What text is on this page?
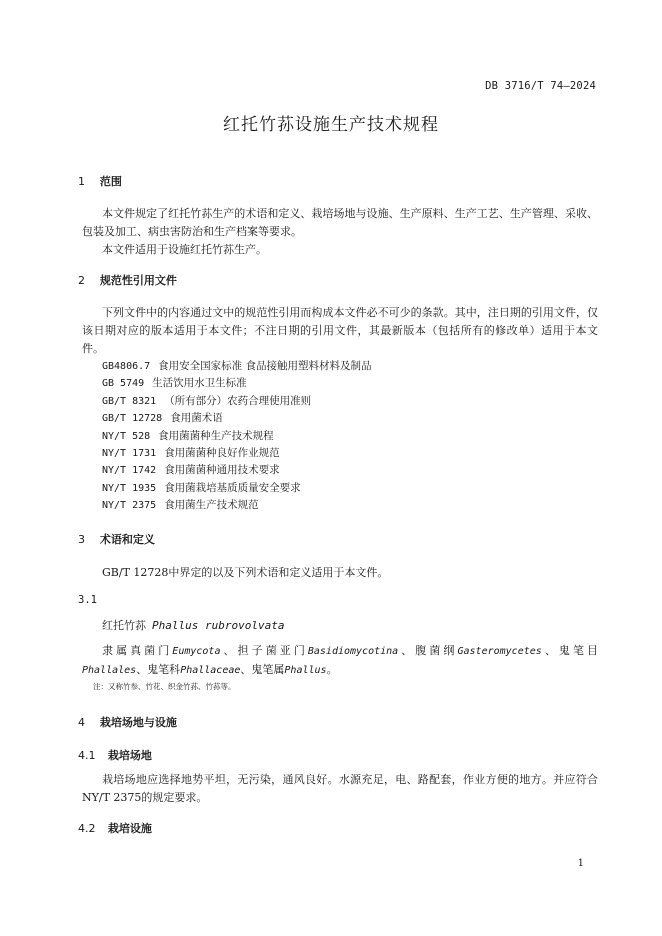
DB 3716/T 74—2024
红托竹荪设施生产技术规程
1 范围
本文件规定了红托竹荪生产的术语和定义、栽培场地与设施、生产原料、生产工艺、生产管理、采收、包装及加工、病虫害防治和生产档案等要求。
本文件适用于设施红托竹荪生产。
2 规范性引用文件
下列文件中的内容通过文中的规范性引用而构成本文件必不可少的条款。其中，注日期的引用文件，仅该日期对应的版本适用于本文件；不注日期的引用文件，其最新版本（包括所有的修改单）适用于本文件。
GB4806.7 食用安全国家标准 食品接触用塑料材料及制品
GB 5749 生活饮用水卫生标准
GB/T 8321 （所有部分）农药合理使用准则
GB/T 12728 食用菌术语
NY/T 528 食用菌菌种生产技术规程
NY/T 1731 食用菌菌种良好作业规范
NY/T 1742 食用菌菌种通用技术要求
NY/T 1935 食用菌栽培基质质量安全要求
NY/T 2375 食用菌生产技术规范
3 术语和定义
GB/T 12728中界定的以及下列术语和定义适用于本文件。
3.1
红托竹荪 Phallus rubrovolvata
隶属真菌门Eumycota、担子菌亚门Basidiomycotina、腹菌纲Gasteromycetes、鬼笔目Phallales、鬼笔科Phallaceae、鬼笔属Phallus。
注：又称竹参、竹花、织金竹荪、竹荪等。
4 栽培场地与设施
4.1 栽培场地
栽培场地应选择地势平坦，无污染，通风良好。水源充足，电、路配套，作业方便的地方。并应符合NY/T 2375的规定要求。
4.2 栽培设施
1
